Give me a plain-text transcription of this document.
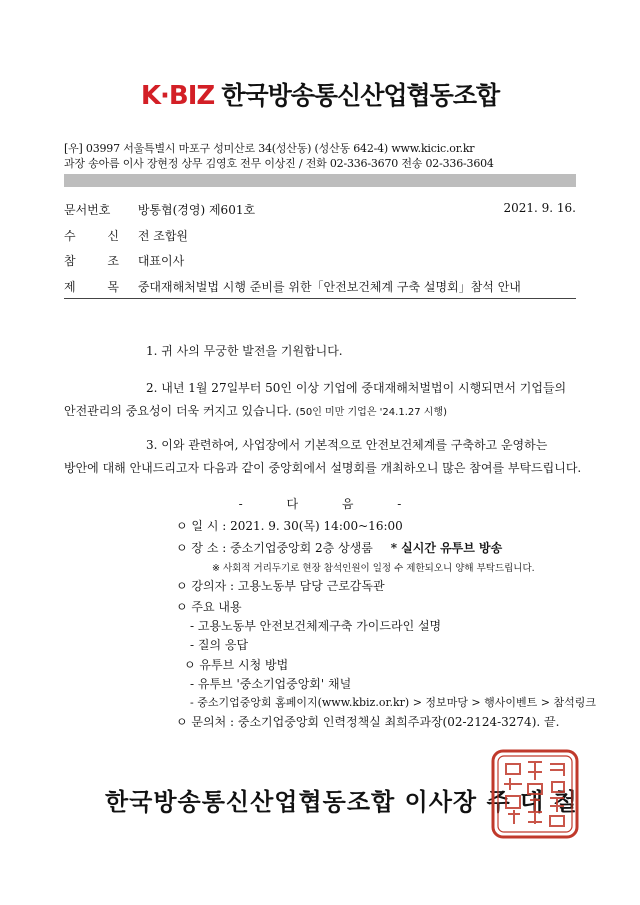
K·BIZ 한국방송통신산업협동조합
[우] 03997 서울특별시 마포구 성미산로 34(성산동) (성산동 642-4) www.kicic.or.kr
과장 송아름 이사 장현정 상무 김영호 전무 이상진 / 전화 02-336-3670 전송 02-336-3604
문서번호 방통협(경영) 제601호	2021. 9. 16.
수 신 전 조합원
참 조 대표이사
제 목 중대재해처벌법 시행 준비를 위한「안전보건체계 구축 설명회」참석 안내
1. 귀 사의 무궁한 발전을 기원합니다.
2. 내년 1월 27일부터 50인 이상 기업에 중대재해처벌법이 시행되면서 기업들의
안전관리의 중요성이 더욱 커지고 있습니다. (50인 미만 기업은 '24.1.27 시행)
3. 이와 관련하여, 사업장에서 기본적으로 안전보건체계를 구축하고 운영하는
방안에 대해 안내드리고자 다음과 같이 중앙회에서 설명회를 개최하오니 많은 참여를 부탁드립니다.
- 다 음 -
ㅇ 일 시 : 2021. 9. 30(목) 14:00~16:00
ㅇ 장 소 : 중소기업중앙회 2층 상생룸 * 실시간 유투브 방송
※ 사회적 거리두기로 현장 참석인원이 일정 수 제한되오니 양해 부탁드립니다.
ㅇ 강의자 : 고용노동부 담당 근로감독관
ㅇ 주요 내용
- 고용노동부 안전보건체제구축 가이드라인 설명
- 질의 응답
ㅇ 유투브 시청 방법
- 유투브 '중소기업중앙회' 채널
- 중소기업중앙회 홈페이지(www.kbiz.or.kr) > 정보마당 > 행사이벤트 > 참석링크
ㅇ 문의처 : 중소기업중앙회 인력정책실 최희주과장(02-2124-3274). 끝.
한국방송통신산업협동조합 이사장 주 대 철
